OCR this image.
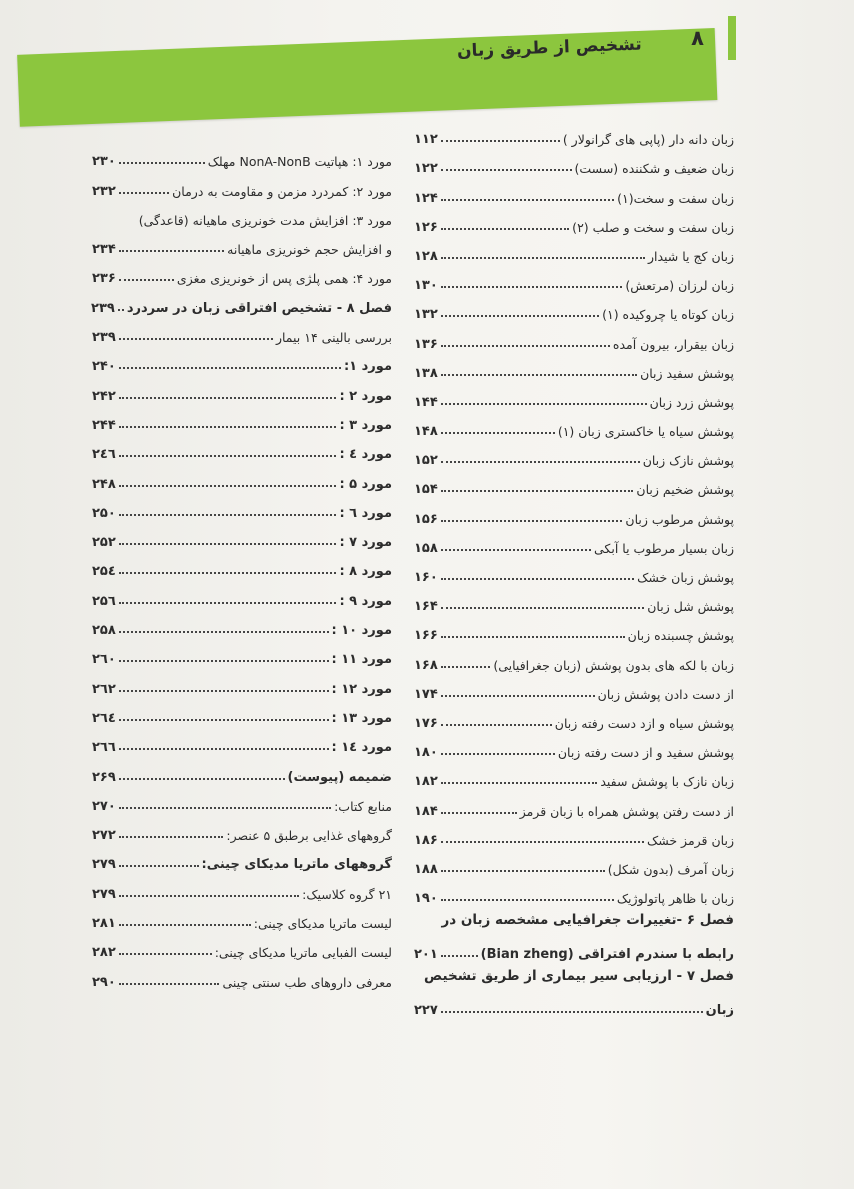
تشخیص از طریق زبان ۸
زبان دانه دار (پاپی های گرانولار )
۱۱۲
زبان ضعیف و شکننده (سست)
۱۲۲
زبان سفت و سخت(۱)
۱۲۴
زبان سفت و سخت و صلب (۲)
۱۲۶
زبان کج یا شیدار
۱۲۸
زبان لرزان (مرتعش)
۱۳۰
زبان کوتاه یا چروکیده (۱)
۱۳۲
زبان بیقرار، بیرون آمده
۱۳۶
پوشش سفید زبان
۱۳۸
پوشش زرد زبان
۱۴۴
پوشش سیاه یا خاکستری زبان (۱)
۱۴۸
پوشش نازک زبان
۱۵۲
پوشش ضخیم زبان
۱۵۴
پوشش مرطوب زبان
۱۵۶
زبان بسیار مرطوب یا آبکی
۱۵۸
پوشش زبان خشک
۱۶۰
پوشش شل زبان
۱۶۴
پوشش چسبنده زبان
۱۶۶
زبان با لکه های بدون پوشش (زبان جغرافیایی)
۱۶۸
از دست دادن پوشش زبان
۱۷۴
پوشش سیاه و ازد دست رفته زبان
۱۷۶
پوشش سفید و از دست رفته زبان
۱۸۰
زبان نازک با پوشش سفید
۱۸۲
از دست رفتن پوشش همراه با زبان قرمز
۱۸۴
زبان قرمز خشک
۱۸۶
زبان آمرف (بدون شکل)
۱۸۸
زبان با ظاهر پاتولوژیک
۱۹۰
فصل ۶ -تغییرات جغرافیایی مشخصه زبان در
رابطه با سندرم افتراقی (Bian zheng)
۲۰۱
فصل ۷ - ارزیابی سیر بیماری از طریق تشخیص
زبان
۲۲۷
مورد ۱: هپاتیت NonA-NonB مهلک
۲۳۰
مورد ۲: کمردرد مزمن و مقاومت به درمان
۲۳۲
مورد ۳: افزایش مدت خونریزی ماهیانه (قاعدگی)
و افزایش حجم خونریزی ماهیانه
۲۳۴
مورد ۴: همی پلژی پس از خونریزی مغزی
۲۳۶
فصل ۸ - تشخیص افتراقی زبان در سردرد
۲۳۹
بررسی بالینی ۱۴ بیمار
۲۳۹
مورد ۱:
۲۴۰
مورد ۲ :
۲۴۲
مورد ۳ :
۲۴۴
مورد ٤ :
۲٤٦
مورد ۵ :
۲۴۸
مورد ٦ :
۲۵۰
مورد ۷ :
۲۵۲
مورد ۸ :
۲۵٤
مورد ۹ :
۲۵٦
مورد ۱۰ :
۲۵۸
مورد ۱۱ :
۲٦۰
مورد ۱۲ :
۲٦۲
مورد ۱۳ :
۲٦٤
مورد ۱٤ :
۲٦٦
ضمیمه (پیوست)
۲۶۹
منابع کتاب:
۲۷۰
گروههای غذایی برطبق ۵ عنصر:
۲۷۲
گروههای ماتریا مدیکای چینی:
۲۷۹
۲۱ گروه کلاسیک:
۲۷۹
لیست ماتریا مدیکای چینی:
۲۸۱
لیست الفبایی ماتریا مدیکای چینی:
۲۸۲
معرفی داروهای طب سنتی چینی
۲۹۰
